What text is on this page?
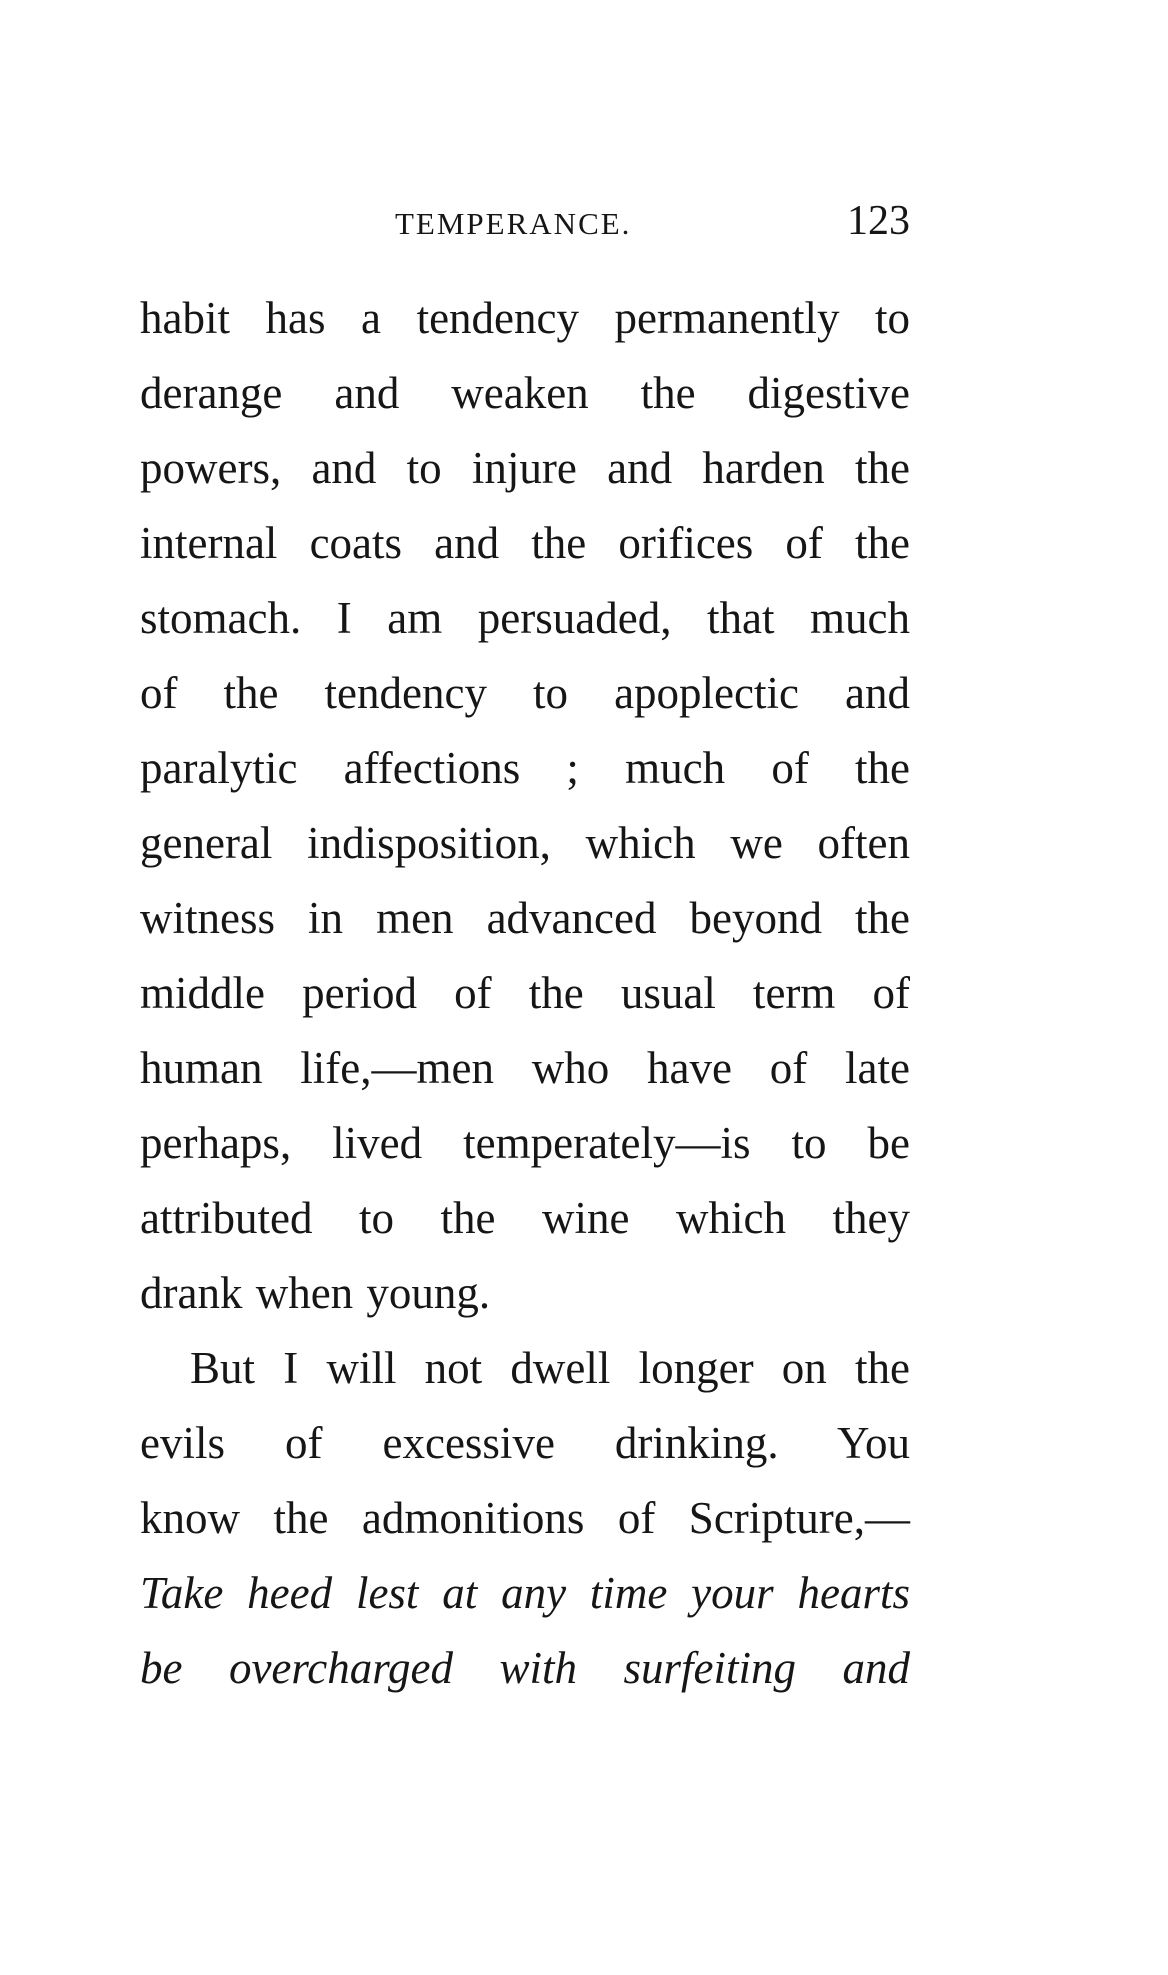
TEMPERANCE.	123
habit has a tendency permanently to
derange and weaken the digestive
powers, and to injure and harden the
internal coats and the orifices of the
stomach. I am persuaded, that much
of the tendency to apoplectic and
paralytic affections ; much of the
general indisposition, which we often
witness in men advanced beyond the
middle period of the usual term of
human life,—men who have of late
perhaps, lived temperately—is to be
attributed to the wine which they
drank when young.
But I will not dwell longer on the
evils of excessive drinking. You
know the admonitions of Scripture,—
Take heed lest at any time your hearts
be overcharged with surfeiting and
